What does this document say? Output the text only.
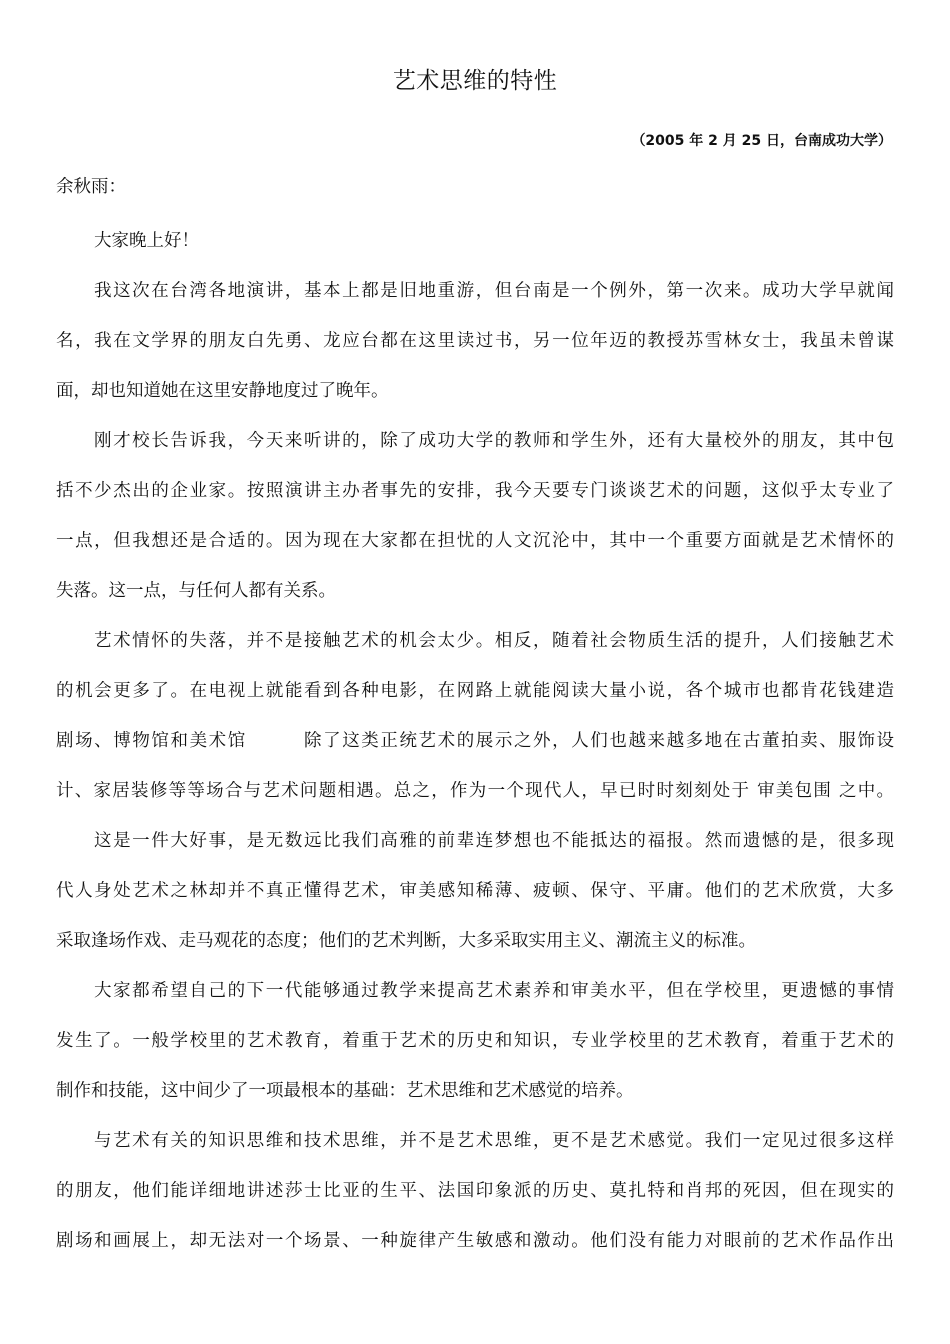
艺术思维的特性
（2005 年 2 月 25 日，台南成功大学）
余秋雨：
大家晚上好！
我这次在台湾各地演讲，基本上都是旧地重游，但台南是一个例外，第一次来。成功大学早就闻
名，我在文学界的朋友白先勇、龙应台都在这里读过书，另一位年迈的教授苏雪林女士，我虽未曾谋
面，却也知道她在这里安静地度过了晚年。
刚才校长告诉我，今天来听讲的，除了成功大学的教师和学生外，还有大量校外的朋友，其中包
括不少杰出的企业家。按照演讲主办者事先的安排，我今天要专门谈谈艺术的问题，这似乎太专业了
一点，但我想还是合适的。因为现在大家都在担忧的人文沉沦中，其中一个重要方面就是艺术情怀的
失落。这一点，与任何人都有关系。
艺术情怀的失落，并不是接触艺术的机会太少。相反，随着社会物质生活的提升，人们接触艺术
的机会更多了。在电视上就能看到各种电影，在网路上就能阅读大量小说，各个城市也都肯花钱建造
剧场、博物馆和美术馆　　　除了这类正统艺术的展示之外，人们也越来越多地在古董拍卖、服饰设
计、家居装修等等场合与艺术问题相遇。总之，作为一个现代人，早已时时刻刻处于 审美包围 之中。
这是一件大好事，是无数远比我们高雅的前辈连梦想也不能抵达的福报。然而遗憾的是，很多现
代人身处艺术之林却并不真正懂得艺术，审美感知稀薄、疲顿、保守、平庸。他们的艺术欣赏，大多
采取逢场作戏、走马观花的态度；他们的艺术判断，大多采取实用主义、潮流主义的标准。
大家都希望自己的下一代能够通过教学来提高艺术素养和审美水平，但在学校里，更遗憾的事情
发生了。一般学校里的艺术教育，着重于艺术的历史和知识，专业学校里的艺术教育，着重于艺术的
制作和技能，这中间少了一项最根本的基础：艺术思维和艺术感觉的培养。
与艺术有关的知识思维和技术思维，并不是艺术思维，更不是艺术感觉。我们一定见过很多这样
的朋友，他们能详细地讲述莎士比亚的生平、法国印象派的历史、莫扎特和肖邦的死因，但在现实的
剧场和画展上，却无法对一个场景、一种旋律产生敏感和激动。他们没有能力对眼前的艺术作品作出
